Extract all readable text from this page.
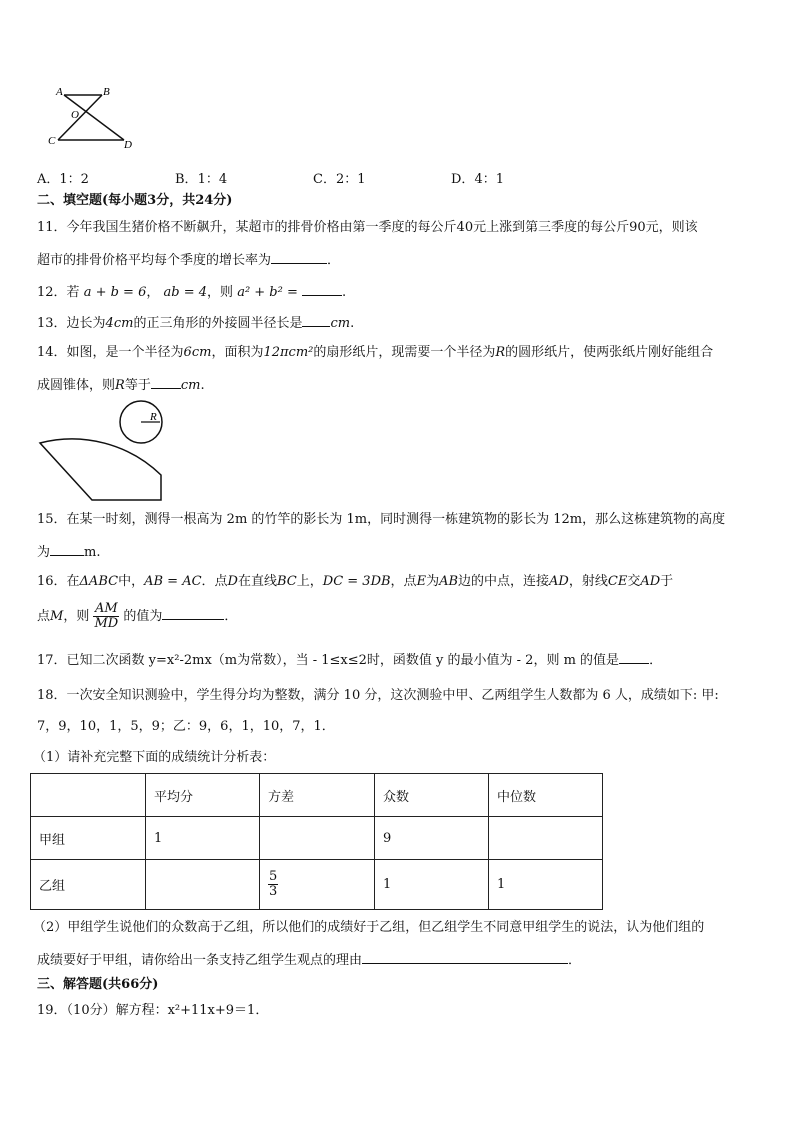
A	B
O
C	D
A．1：2	B．1：4	C．2：1	D．4：1
二、填空题(每小题3分，共24分)
11．今年我国生猪价格不断飙升，某超市的排骨价格由第一季度的每公斤40元上涨到第三季度的每公斤90元，则该
超市的排骨价格平均每个季度的增长率为	．
12．若 a + b = 6， ab = 4，则 a² + b² =	.
13．边长为4cm的正三角形的外接圆半径长是 cm.
14．如图，是一个半径为6cm，面积为12πcm²的扇形纸片，现需要一个半径为R的圆形纸片，使两张纸片刚好能组合
成圆锥体，则R等于 cm.
R
15．在某一时刻，测得一根高为 2m 的竹竿的影长为 1m，同时测得一栋建筑物的影长为 12m，那么这栋建筑物的高度
为	m.
16．在ΔABC中，AB = AC．点D在直线BC上，DC = 3DB，点E为AB边的中点，连接AD，射线CE交AD于
点M，则 $\frac{AM}{MD}$ 的值为	．
17．已知二次函数 y=x²-2mx（m为常数），当 - 1≤x≤2时，函数值 y 的最小值为 - 2，则 m 的值是 ．
18．一次安全知识测验中，学生得分均为整数，满分 10 分，这次测验中甲、乙两组学生人数都为 6 人，成绩如下: 甲:
7，9，10，1，5，9；乙：9，6，1，10，7，1．
（1）请补充完整下面的成绩统计分析表：
	平均分	方差	众数	中位数
甲组	1		9	
乙组		$\frac{5}{3}$	1	1
（2）甲组学生说他们的众数高于乙组，所以他们的成绩好于乙组，但乙组学生不同意甲组学生的说法，认为他们组的
成绩要好于甲组，请你给出一条支持乙组学生观点的理由	．
三、解答题(共66分)
19．（10分）解方程：x²+11x+9＝1．
